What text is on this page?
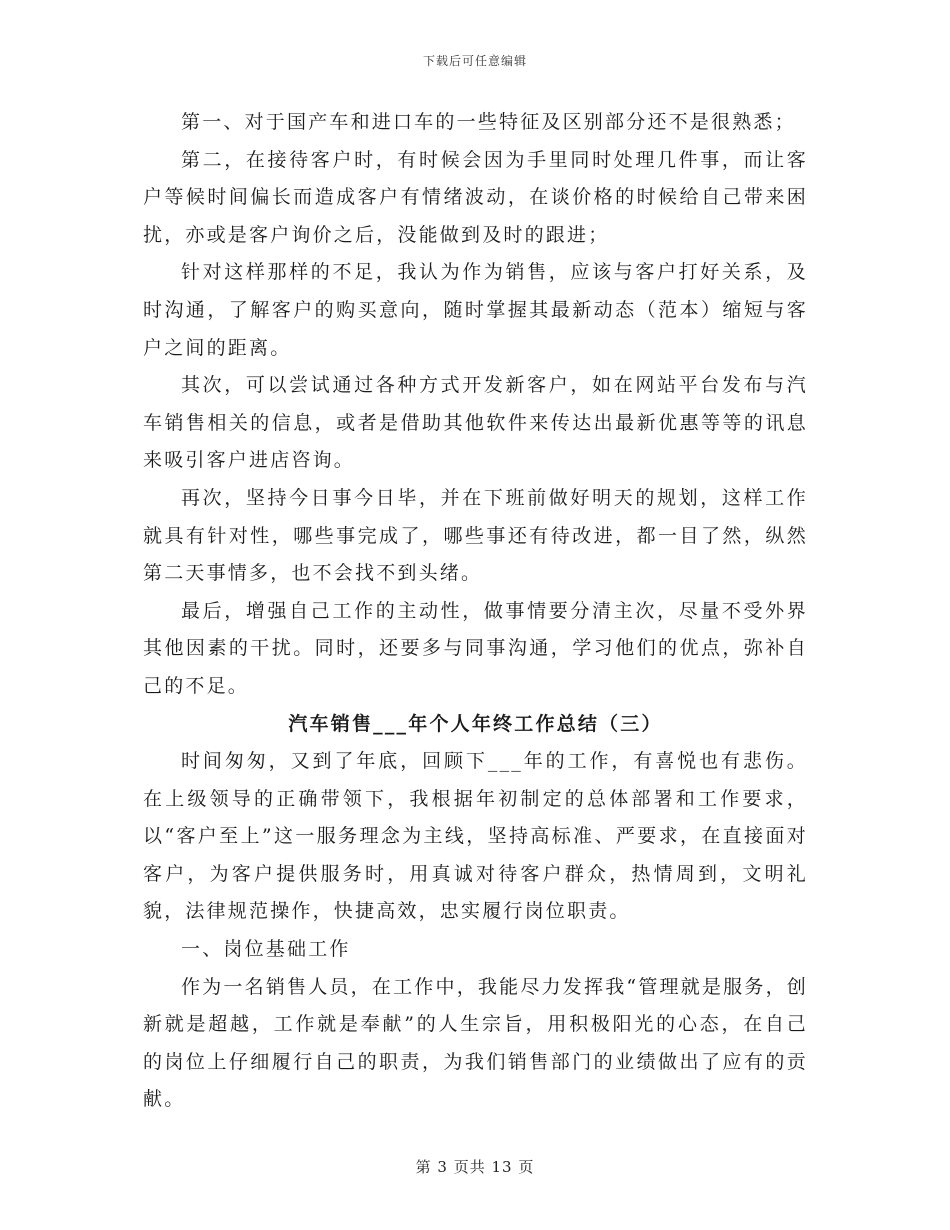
下载后可任意编辑

第一、对于国产车和进口车的一些特征及区别部分还不是很熟悉；

第二，在接待客户时，有时候会因为手里同时处理几件事，而让客户等候时间偏长而造成客户有情绪波动，在谈价格的时候给自己带来困扰，亦或是客户询价之后，没能做到及时的跟进；

针对这样那样的不足，我认为作为销售，应该与客户打好关系，及时沟通，了解客户的购买意向，随时掌握其最新动态（范本）缩短与客户之间的距离。

其次，可以尝试通过各种方式开发新客户，如在网站平台发布与汽车销售相关的信息，或者是借助其他软件来传达出最新优惠等等的讯息来吸引客户进店咨询。

再次，坚持今日事今日毕，并在下班前做好明天的规划，这样工作就具有针对性，哪些事完成了，哪些事还有待改进，都一目了然，纵然第二天事情多，也不会找不到头绪。

最后，增强自己工作的主动性，做事情要分清主次，尽量不受外界其他因素的干扰。同时，还要多与同事沟通，学习他们的优点，弥补自己的不足。

汽车销售___年个人年终工作总结（三）

时间匆匆，又到了年底，回顾下___年的工作，有喜悦也有悲伤。在上级领导的正确带领下，我根据年初制定的总体部署和工作要求，以“客户至上”这一服务理念为主线，坚持高标准、严要求，在直接面对客户，为客户提供服务时，用真诚对待客户群众，热情周到，文明礼貌，法律规范操作，快捷高效，忠实履行岗位职责。

一、岗位基础工作

作为一名销售人员，在工作中，我能尽力发挥我“管理就是服务，创新就是超越，工作就是奉献”的人生宗旨，用积极阳光的心态，在自己的岗位上仔细履行自己的职责，为我们销售部门的业绩做出了应有的贡献。

第 3 页共 13 页
